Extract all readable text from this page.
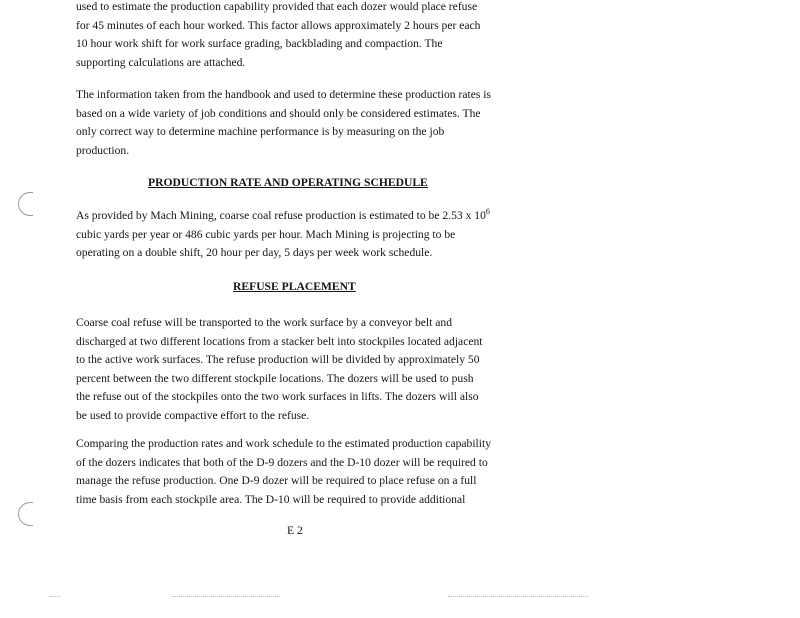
used to estimate the production capability provided that each dozer would place refuse
for 45 minutes of each hour worked. This factor allows approximately 2 hours per each
10 hour work shift for work surface grading, backblading and compaction. The
supporting calculations are attached.

The information taken from the handbook and used to determine these production rates is
based on a wide variety of job conditions and should only be considered estimates. The
only correct way to determine machine performance is by measuring on the job
production.

PRODUCTION RATE AND OPERATING SCHEDULE

As provided by Mach Mining, coarse coal refuse production is estimated to be 2.53 x $10^6$
cubic yards per year or 486 cubic yards per hour. Mach Mining is projecting to be
operating on a double shift, 20 hour per day, 5 days per week work schedule.

REFUSE PLACEMENT

Coarse coal refuse will be transported to the work surface by a conveyor belt and
discharged at two different locations from a stacker belt into stockpiles located adjacent
to the active work surfaces. The refuse production will be divided by approximately 50
percent between the two different stockpile locations. The dozers will be used to push
the refuse out of the stockpiles onto the two work surfaces in lifts. The dozers will also
be used to provide compactive effort to the refuse.

Comparing the production rates and work schedule to the estimated production capability
of the dozers indicates that both of the D-9 dozers and the D-10 dozer will be required to
manage the refuse production. One D-9 dozer will be required to place refuse on a full
time basis from each stockpile area. The D-10 will be required to provide additional

E 2
